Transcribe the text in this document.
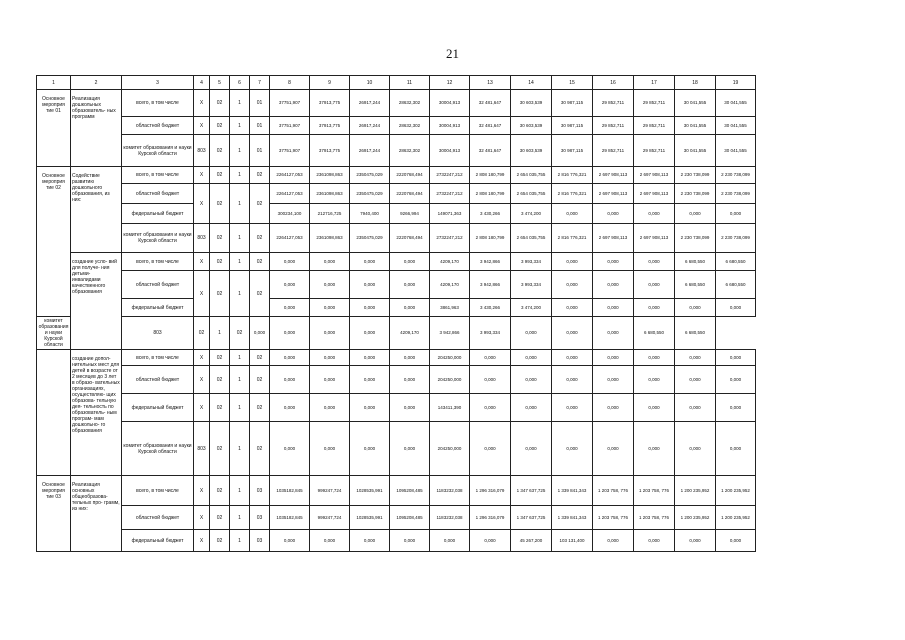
21
1	2	3	4	5	6	7	8	9	10	11	12	13	14	15	16	17	18	19
Основное мероприя тие 01	Реализация дошкольных образователь- ных программ	всего, в том числе	Х	02	1	01	37751,907	37913,775	26917,244	28632,302	30004,913	32 481,647	30 603,539	30 987,115	29 852,711	29 852,711	30 041,555	30 041,555
		областной бюджет	Х	02	1	01	37751,907	37913,775	26917,244	28632,302	30004,913	32 481,647	30 603,539	30 987,115	29 852,711	29 852,711	30 041,555	30 041,555
		комитет образования и науки Курской области	803	02	1	01	37751,907	37913,775	26917,244	28632,302	30004,913	32 481,647	30 603,539	30 987,115	29 852,711	29 852,711	30 041,555	30 041,555
Основное мероприя тие 02	Содействие развитию дошкольного образования, из них:	всего, в том числе	Х	02	1	02	2264127,053	2361098,863	2350475,029	2220768,494	2732247,212	2 808 180,799	2 654 035,755	2 816 776,321	2 697 908,113	2 697 908,113	2 230 738,099	2 230 738,099
		областной бюджет	Х	02	1	02	2264127,053	2361098,863	2350475,029	2220768,494	2732247,212	2 808 180,799	2 654 035,755	2 816 776,321	2 697 908,113	2 697 908,113	2 230 738,099	2 230 738,099
		федеральный бюджет					300234,100	212716,725	7940,400	9266,994	149071,363	3 430,266	3 474,200	0,000	0,000	0,000	0,000	0,000
		комитет образования и науки Курской области	803	02	1	02	2264127,053	2361098,863	2350475,029	2220768,494	2732247,212	2 808 180,799	2 654 035,755	2 816 776,321	2 697 908,113	2 697 908,113	2 230 738,099	2 230 738,099
	создание усло- вий для получе- ния детьми- инвалидами качественного образования	всего, в том числе	Х	02	1	02	0,000	0,000	0,000	0,000	4209,170	3 942,866	3 993,334	0,000	0,000	0,000	6 680,550	6 680,550
		областной бюджет	Х	02	1	02	0,000	0,000	0,000	0,000	4209,170	3 942,866	3 993,334	0,000	0,000	0,000	6 680,550	6 680,550
		федеральный бюджет					0,000	0,000	0,000	0,000	3861,963	3 430,266	3 474,200	0,000	0,000	0,000	0,000	0,000
комитет образования и науки Курской области		803	02	1	02	0,000	0,000	0,000	0,000	4209,170	3 942,866	3 993,334	0,000	0,000	0,000	6 680,550	6 680,550	
	создание допол- нительных мест для детей в возрасте от 2 месяцев до 3 лет в образо- вательных организациях, осуществляю- щих образова- тельную дея- тельность по образователь- ным програм- мам дошкольно- го образования	всего, в том числе	Х	02	1	02	0,000	0,000	0,000	0,000	204250,000	0,000	0,000	0,000	0,000	0,000	0,000	0,000
		областной бюджет	Х	02	1	02	0,000	0,000	0,000	0,000	204250,000	0,000	0,000	0,000	0,000	0,000	0,000	0,000
		федеральный бюджет	Х	02	1	02	0,000	0,000	0,000	0,000	143411,390	0,000	0,000	0,000	0,000	0,000	0,000	0,000
		комитет образования и науки Курской области	803	02	1	02	0,000	0,000	0,000	0,000	204250,000	0,000	0,000	0,000	0,000	0,000	0,000	0,000
Основное мероприя тие 03	Реализация основных общеобразова- тельных про- грамм, из них:	всего, в том числе	Х	02	1	03	1035182,845	999247,724	1028535,991	1095208,485	1183232,038	1 296 316,079	1 347 637,725	1 339 841,343	1 203 758, 776	1 203 758, 776	1 200 235,952	1 200 235,952
		областной бюджет	Х	02	1	03	1035182,845	999247,724	1028535,991	1095208,485	1183232,038	1 296 316,079	1 347 637,725	1 339 841,343	1 203 758, 776	1 203 758, 776	1 200 235,952	1 200 235,952
		федеральный бюджет	Х	02	1	03	0,000	0,000	0,000	0,000	0,000	0,000	45 267,200	103 131,400	0,000	0,000	0,000	0,000
